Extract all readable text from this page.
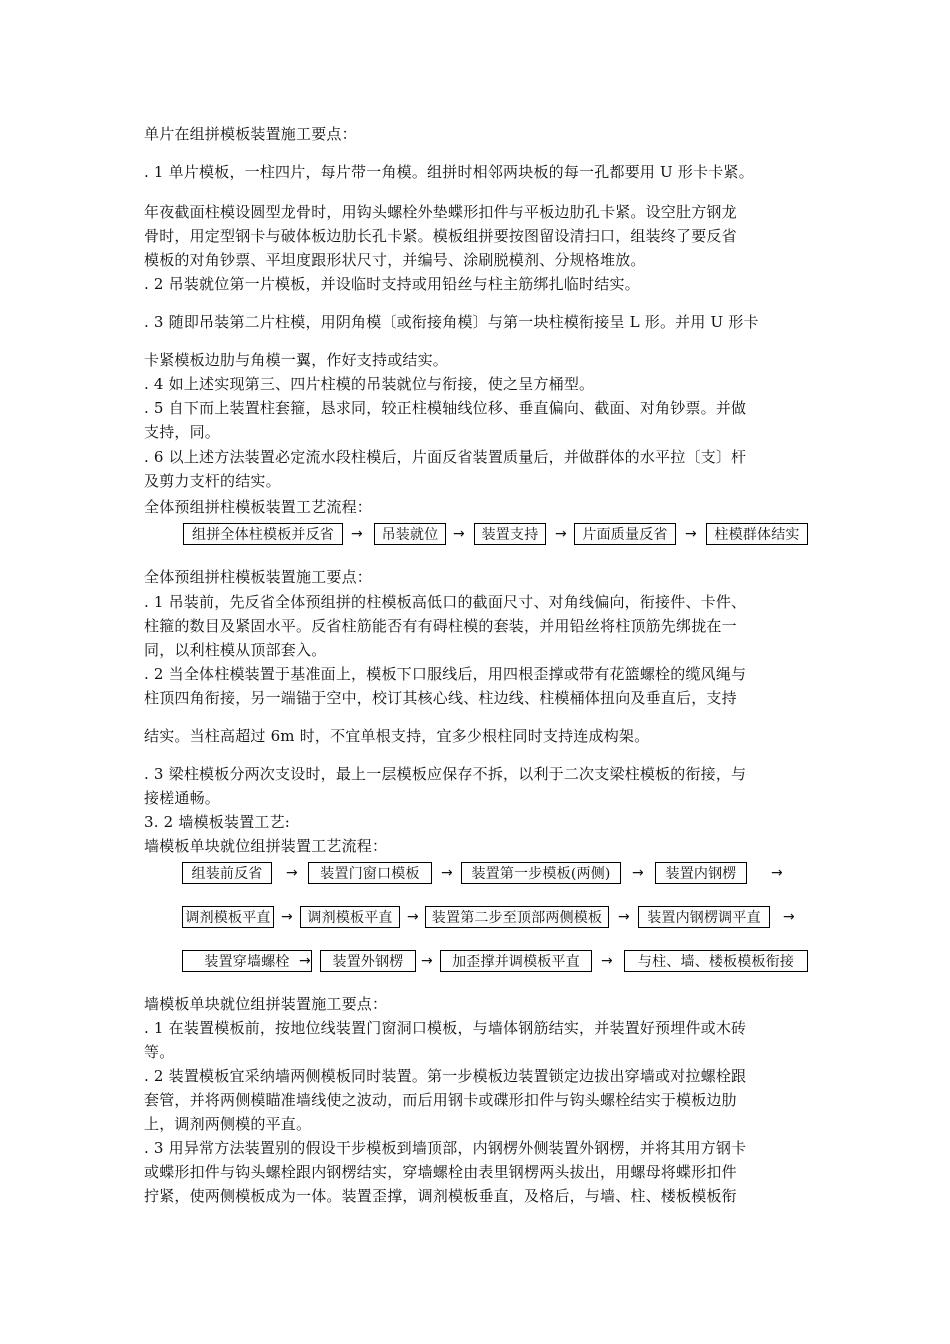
单片在组拼模板装置施工要点：
. 1 单片模板，一柱四片，每片带一角模。组拼时相邻两块板的每一孔都要用 U 形卡卡紧。
年夜截面柱模设圆型龙骨时，用钩头螺栓外垫蝶形扣件与平板边肋孔卡紧。设空肚方钢龙
骨时，用定型钢卡与破体板边肋长孔卡紧。模板组拼要按图留设清扫口，组装终了要反省
模板的对角钞票、平坦度跟形状尺寸，并编号、涂刷脱模剂、分规格堆放。
. 2 吊装就位第一片模板，并设临时支持或用铅丝与柱主筋绑扎临时结实。
. 3 随即吊装第二片柱模，用阴角模〔或衔接角模〕与第一块柱模衔接呈 L 形。并用 U 形卡
卡紧模板边肋与角模一翼，作好支持或结实。
. 4 如上述实现第三、四片柱模的吊装就位与衔接，使之呈方桶型。
. 5 自下而上装置柱套箍，恳求同，较正柱模轴线位移、垂直偏向、截面、对角钞票。并做
支持，同。
. 6 以上述方法装置必定流水段柱模后，片面反省装置质量后，并做群体的水平拉〔支〕杆
及剪力支杆的结实。
全体预组拼柱模板装置工艺流程：
组拼全体柱模板并反省	→	吊装就位	→	装置支持	→	片面质量反省	→	柱模群体结实
全体预组拼柱模板装置施工要点：
. 1 吊装前，先反省全体预组拼的柱模板高低口的截面尺寸、对角线偏向，衔接件、卡件、
柱箍的数目及紧固水平。反省柱筋能否有有碍柱模的套装，并用铅丝将柱顶筋先绑拢在一
同，以利柱模从顶部套入。
. 2 当全体柱模装置于基准面上，模板下口服线后，用四根歪撑或带有花篮螺栓的缆风绳与
柱顶四角衔接，另一端锚于空中，校订其核心线、柱边线、柱模桶体扭向及垂直后，支持
结实。当柱高超过 6m 时，不宜单根支持，宜多少根柱同时支持连成构架。
. 3 梁柱模板分两次支设时，最上一层模板应保存不拆，以利于二次支梁柱模板的衔接，与
接槎通畅。
3. 2 墙模板装置工艺:
墙模板单块就位组拼装置工艺流程：
组装前反省	→	装置门窗口模板	→	装置第一步模板(两侧)	→	装置内钢楞	→
调剂模板平直 →	调剂模板平直	→ 装置第二步至顶部两侧模板	→	装置内钢楞调平直	→
装置穿墙螺栓 →	装置外钢楞	→	加歪撑并调模板平直	→	与柱、墙、楼板模板衔接
墙模板单块就位组拼装置施工要点：
. 1 在装置模板前，按地位线装置门窗洞口模板，与墙体钢筋结实，并装置好预埋件或木砖
等。
. 2 装置模板宜采纳墙两侧模板同时装置。第一步模板边装置锁定边拔出穿墙或对拉螺栓跟
套管，并将两侧模瞄准墙线使之波动，而后用钢卡或碟形扣件与钩头螺栓结实于模板边肋
上，调剂两侧模的平直。
. 3 用异常方法装置别的假设干步模板到墙顶部，内钢楞外侧装置外钢楞，并将其用方钢卡
或蝶形扣件与钩头螺栓跟内钢楞结实，穿墙螺栓由表里钢楞两头拔出，用螺母将蝶形扣件
拧紧，使两侧模板成为一体。装置歪撑，调剂模板垂直，及格后，与墙、柱、楼板模板衔
